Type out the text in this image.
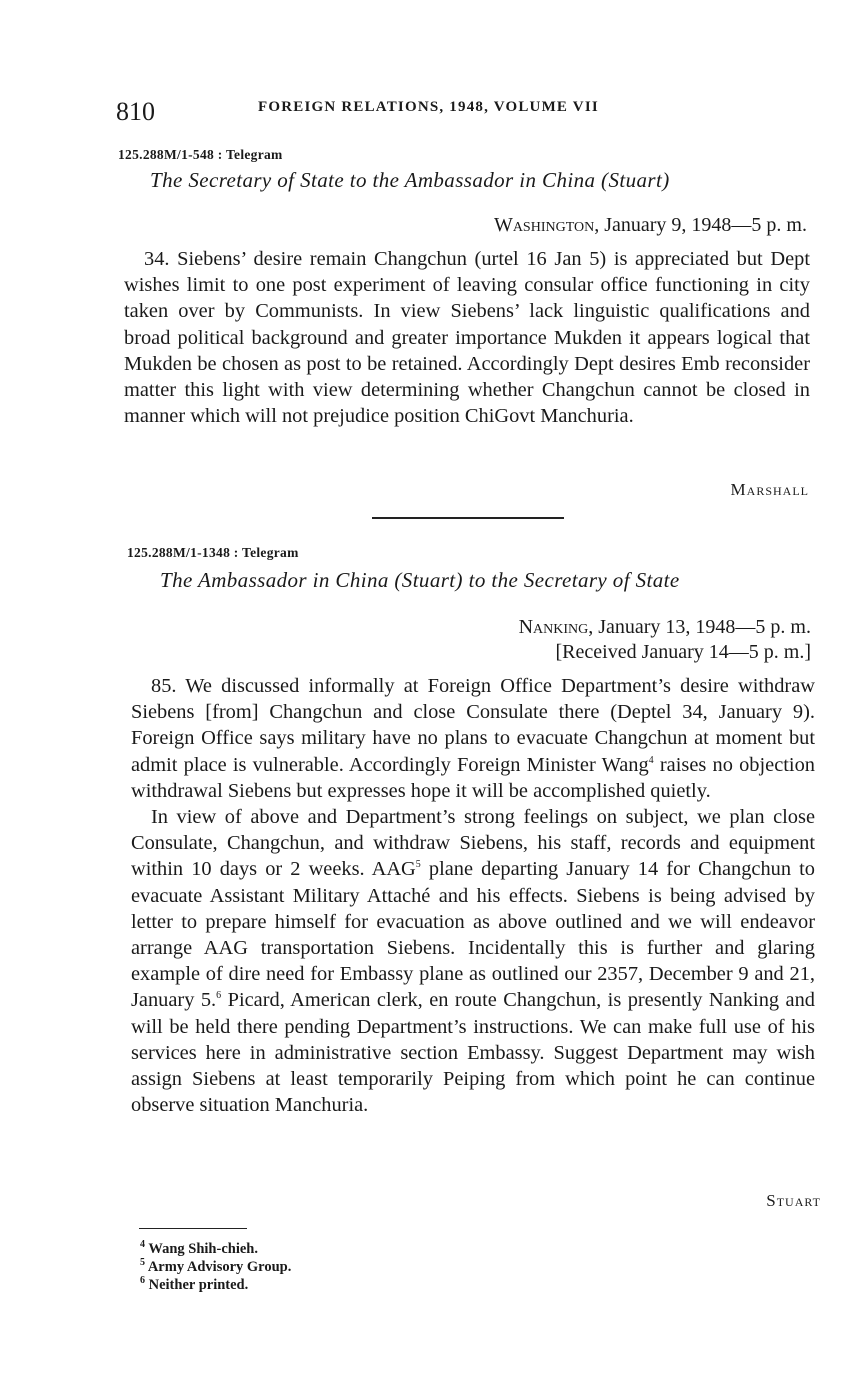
810	FOREIGN RELATIONS, 1948, VOLUME VII
125.288M/1-548 : Telegram
The Secretary of State to the Ambassador in China (Stuart)
Washington, January 9, 1948—5 p. m.

34. Siebens’ desire remain Changchun (urtel 16 Jan 5) is appreciated but Dept wishes limit to one post experiment of leaving consular office functioning in city taken over by Communists. In view Siebens’ lack linguistic qualifications and broad political background and greater importance Mukden it appears logical that Mukden be chosen as post to be retained. Accordingly Dept desires Emb reconsider matter this light with view determining whether Changchun cannot be closed in manner which will not prejudice position ChiGovt Manchuria.

Marshall
125.288M/1-1348 : Telegram
The Ambassador in China (Stuart) to the Secretary of State
Nanking, January 13, 1948—5 p. m.
[Received January 14—5 p. m.]

85. We discussed informally at Foreign Office Department’s desire withdraw Siebens [from] Changchun and close Consulate there (Deptel 34, January 9). Foreign Office says military have no plans to evacuate Changchun at moment but admit place is vulnerable. Accordingly Foreign Minister Wang$^4$ raises no objection withdrawal Siebens but expresses hope it will be accomplished quietly.

In view of above and Department’s strong feelings on subject, we plan close Consulate, Changchun, and withdraw Siebens, his staff, records and equipment within 10 days or 2 weeks. AAG$^5$ plane departing January 14 for Changchun to evacuate Assistant Military Attaché and his effects. Siebens is being advised by letter to prepare himself for evacuation as above outlined and we will endeavor arrange AAG transportation Siebens. Incidentally this is further and glaring example of dire need for Embassy plane as outlined our 2357, December 9 and 21, January 5.$^6$ Picard, American clerk, en route Changchun, is presently Nanking and will be held there pending Department’s instructions. We can make full use of his services here in administrative section Embassy. Suggest Department may wish assign Siebens at least temporarily Peiping from which point he can continue observe situation Manchuria.

Stuart
$^4$ Wang Shih-chieh.
$^5$ Army Advisory Group.
$^6$ Neither printed.
